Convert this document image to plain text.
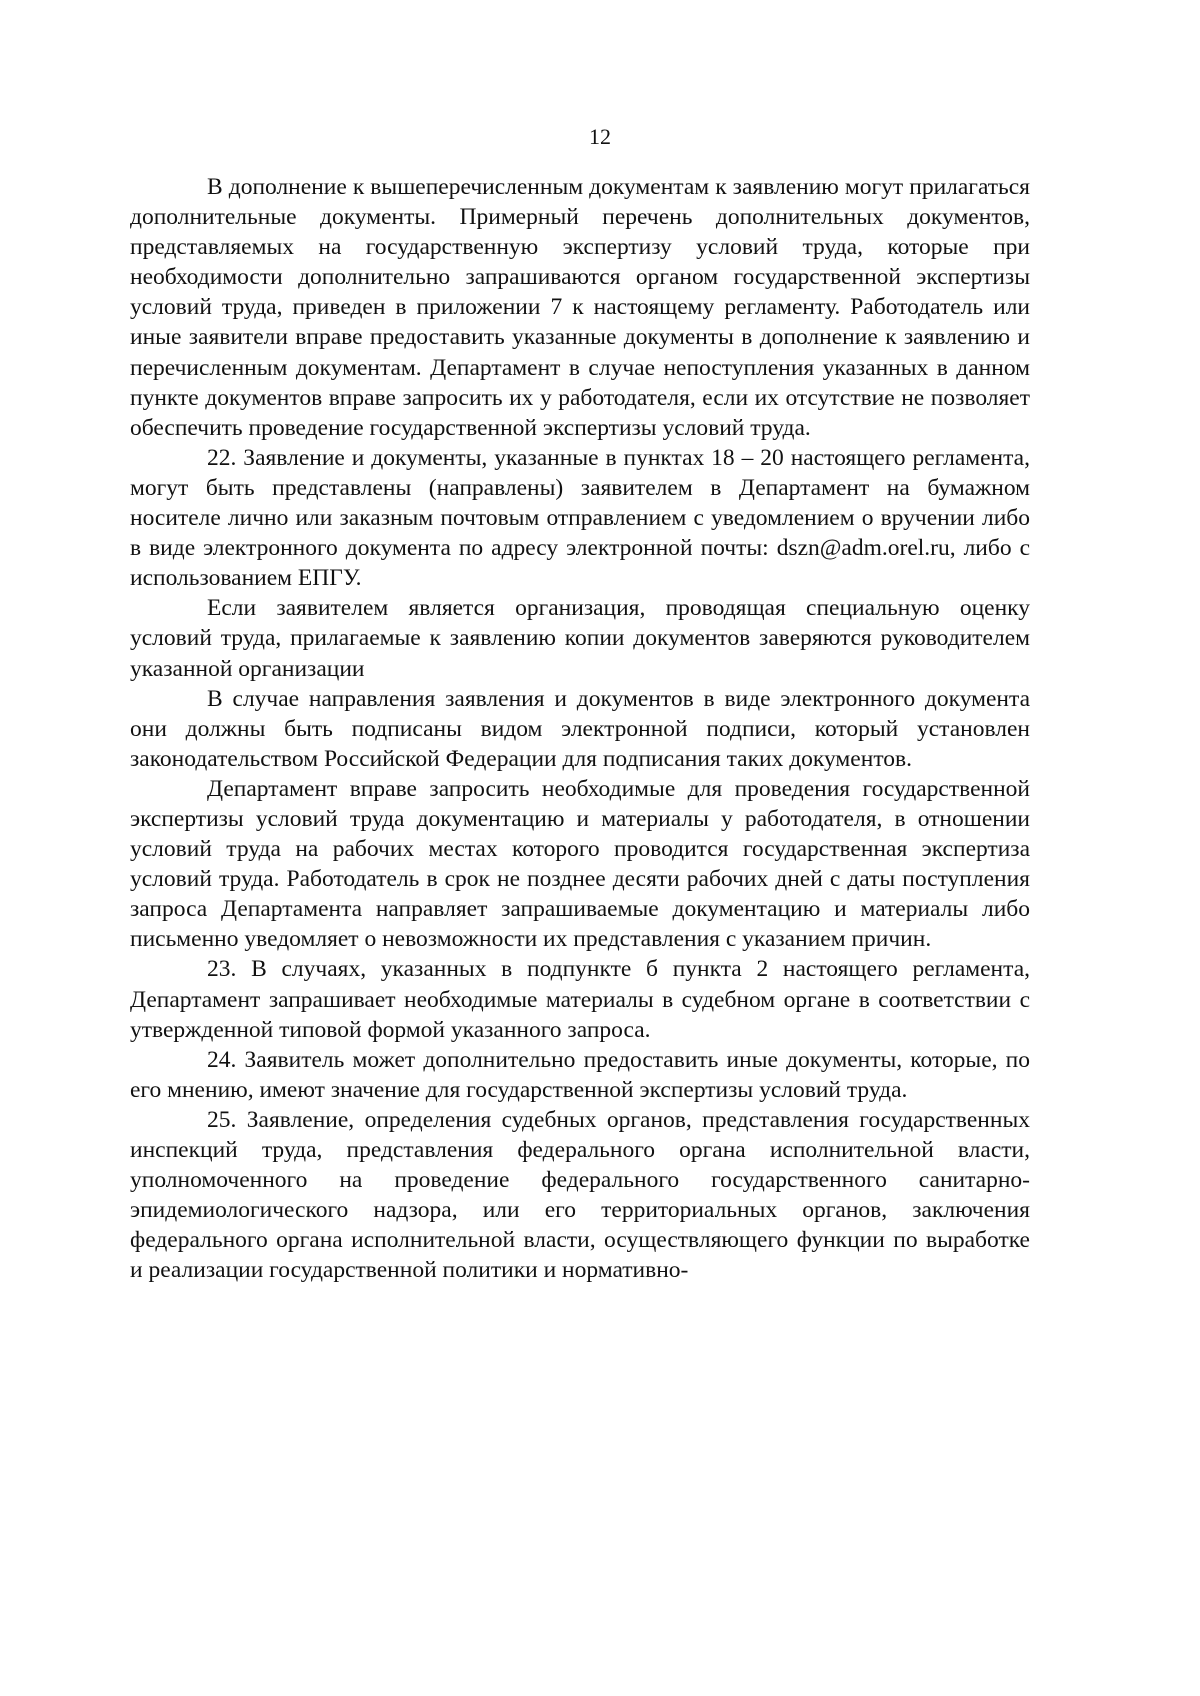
12

В дополнение к вышеперечисленным документам к заявлению могут прилагаться дополнительные документы. Примерный перечень дополнительных документов, представляемых на государственную экспертизу условий труда, которые при необходимости дополнительно запрашиваются органом государственной экспертизы условий труда, приведен в приложении 7 к настоящему регламенту. Работодатель или иные заявители вправе предоставить указанные документы в дополнение к заявлению и перечисленным документам. Департамент в случае непоступления указанных в данном пункте документов вправе запросить их у работодателя, если их отсутствие не позволяет обеспечить проведение государственной экспертизы условий труда.

22. Заявление и документы, указанные в пунктах 18 – 20 настоящего регламента, могут быть представлены (направлены) заявителем в Департамент на бумажном носителе лично или заказным почтовым отправлением с уведомлением о вручении либо в виде электронного документа по адресу электронной почты: dszn@adm.orel.ru, либо с использованием ЕПГУ.

Если заявителем является организация, проводящая специальную оценку условий труда, прилагаемые к заявлению копии документов заверяются руководителем указанной организации

В случае направления заявления и документов в виде электронного документа они должны быть подписаны видом электронной подписи, который установлен законодательством Российской Федерации для подписания таких документов.

Департамент вправе запросить необходимые для проведения государственной экспертизы условий труда документацию и материалы у работодателя, в отношении условий труда на рабочих местах которого проводится государственная экспертиза условий труда. Работодатель в срок не позднее десяти рабочих дней с даты поступления запроса Департамента направляет запрашиваемые документацию и материалы либо письменно уведомляет о невозможности их представления с указанием причин.

23. В случаях, указанных в подпункте б пункта 2 настоящего регламента, Департамент запрашивает необходимые материалы в судебном органе в соответствии с утвержденной типовой формой указанного запроса.

24. Заявитель может дополнительно предоставить иные документы, которые, по его мнению, имеют значение для государственной экспертизы условий труда.

25. Заявление, определения судебных органов, представления государственных инспекций труда, представления федерального органа исполнительной власти, уполномоченного на проведение федерального государственного санитарно-эпидемиологического надзора, или его территориальных органов, заключения федерального органа исполнительной власти, осуществляющего функции по выработке и реализации государственной политики и нормативно-
